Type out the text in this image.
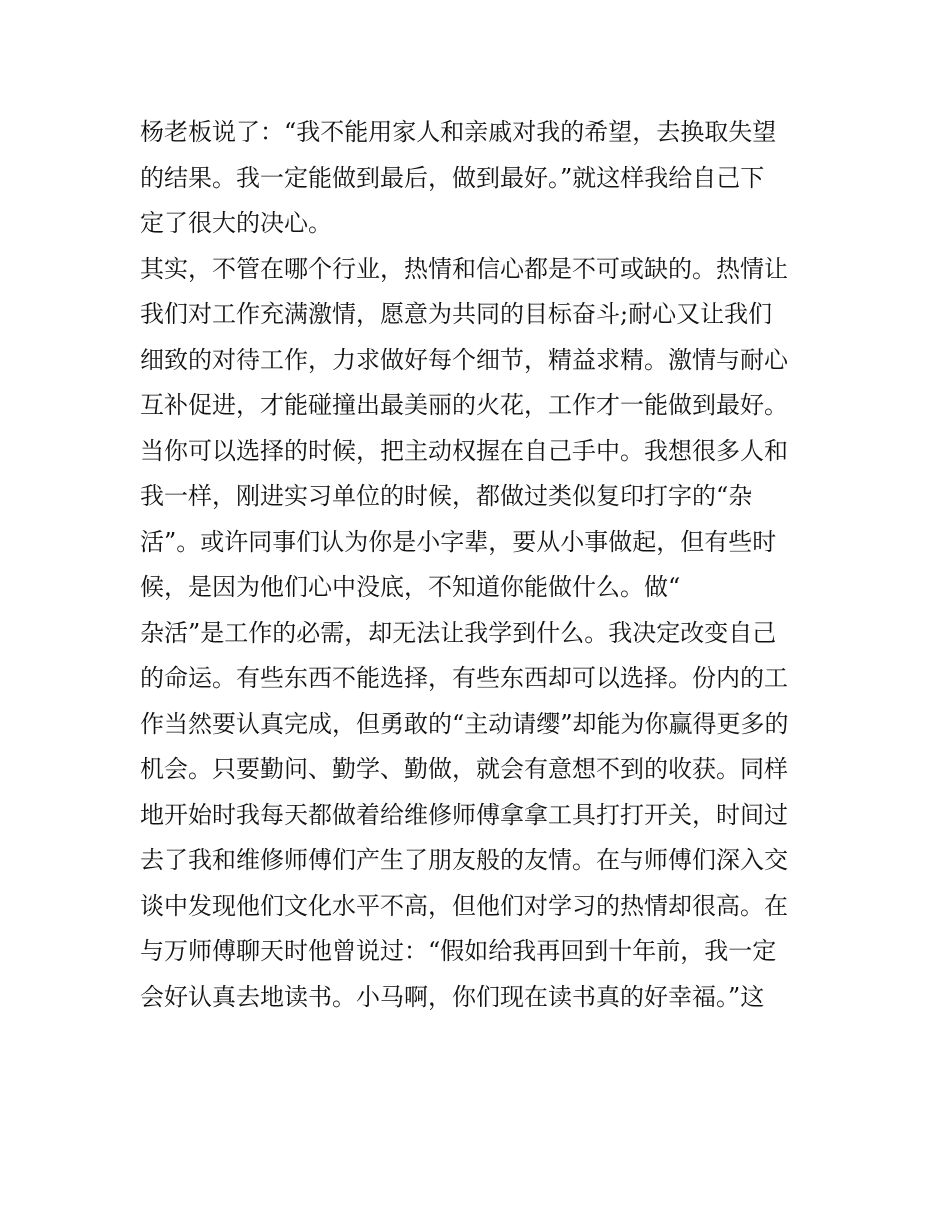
杨老板说了：“我不能用家人和亲戚对我的希望，去换取失望
的结果。我一定能做到最后，做到最好。”就这样我给自己下
定了很大的决心。
其实，不管在哪个行业，热情和信心都是不可或缺的。热情让
我们对工作充满激情，愿意为共同的目标奋斗;耐心又让我们
细致的对待工作，力求做好每个细节，精益求精。激情与耐心
互补促进，才能碰撞出最美丽的火花，工作才一能做到最好。
当你可以选择的时候，把主动权握在自己手中。我想很多人和
我一样，刚进实习单位的时候，都做过类似复印打字的“杂
活”。或许同事们认为你是小字辈，要从小事做起，但有些时
候，是因为他们心中没底，不知道你能做什么。做“
杂活”是工作的必需，却无法让我学到什么。我决定改变自己
的命运。有些东西不能选择，有些东西却可以选择。份内的工
作当然要认真完成，但勇敢的“主动请缨”却能为你赢得更多的
机会。只要勤问、勤学、勤做，就会有意想不到的收获。同样
地开始时我每天都做着给维修师傅拿拿工具打打开关，时间过
去了我和维修师傅们产生了朋友般的友情。在与师傅们深入交
谈中发现他们文化水平不高，但他们对学习的热情却很高。在
与万师傅聊天时他曾说过：“假如给我再回到十年前，我一定
会好认真去地读书。小马啊，你们现在读书真的好幸福。”这
